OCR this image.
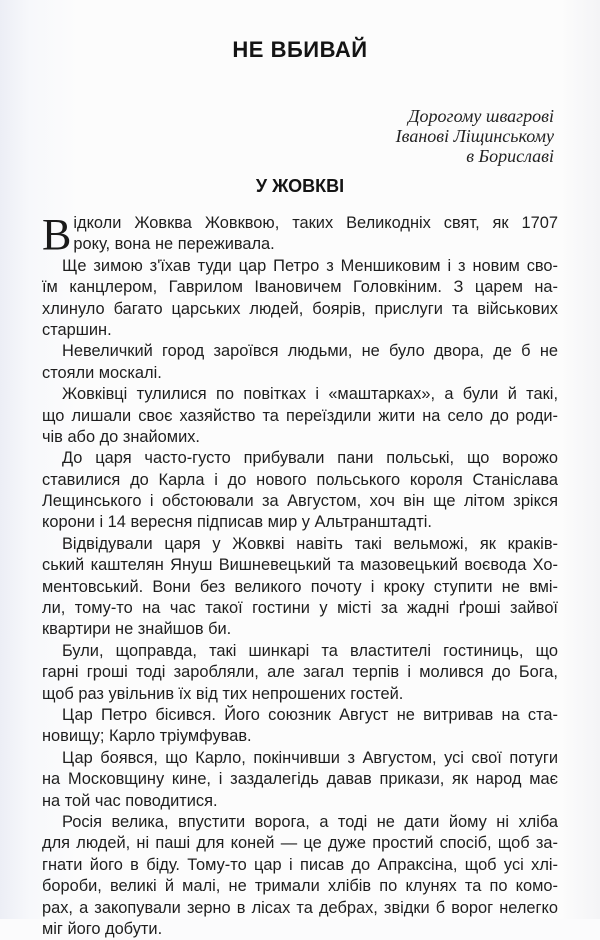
НЕ ВБИВАЙ
Дорогому швагрові
Іванові Ліщинському
в Бориславі
У ЖОВКВІ
В ідколи Жовква Жовквою, таких Великодніх свят, як 1707
року, вона не переживала.
Ще зимою з'їхав туди цар Петро з Меншиковим і з новим сво-
їм канцлером, Гаврилом Івановичем Головкіним. З царем на-
хлинуло багато царських людей, боярів, прислуги та військових
старшин.
Невеличкий город зароївся людьми, не було двора, де б не
стояли москалі.
Жовківці тулилися по повітках і «маштарках», а були й такі,
що лишали своє хазяйство та переїздили жити на село до роди-
чів або до знайомих.
До царя часто-густо прибували пани польські, що ворожо
ставилися до Карла і до нового польського короля Станіслава
Лещинського і обстоювали за Августом, хоч він ще літом зрікся
корони і 14 вересня підписав мир у Альтранштадті.
Відвідували царя у Жовкві навіть такі вельможі, як краків-
ський каштелян Януш Вишневецький та мазовецький воєвода Хо-
ментовський. Вони без великого почоту і кроку ступити не вмі-
ли, тому-то на час такої гостини у місті за жадні ґроші зайвої
квартири не знайшов би.
Були, щоправда, такі шинкарі та властителі гостиниць, що
гарні гроші тоді заробляли, але загал терпів і молився до Бога,
щоб раз увільнив їх від тих непрошених гостей.
Цар Петро бісився. Його союзник Август не витривав на ста-
новищу; Карло тріумфував.
Цар боявся, що Карло, покінчивши з Августом, усі свої потуги
на Московщину кине, і заздалегідь давав прикази, як народ має
на той час поводитися.
Росія велика, впустити ворога, а тоді не дати йому ні хліба
для людей, ні паші для коней — це дуже простий спосіб, щоб за-
гнати його в біду. Тому-то цар і писав до Апраксіна, щоб усі хлі-
бороби, великі й малі, не тримали хлібів по клунях та по комо-
рах, а закопували зерно в лісах та дебрах, звідки б ворог нелегко
міг його добути.
